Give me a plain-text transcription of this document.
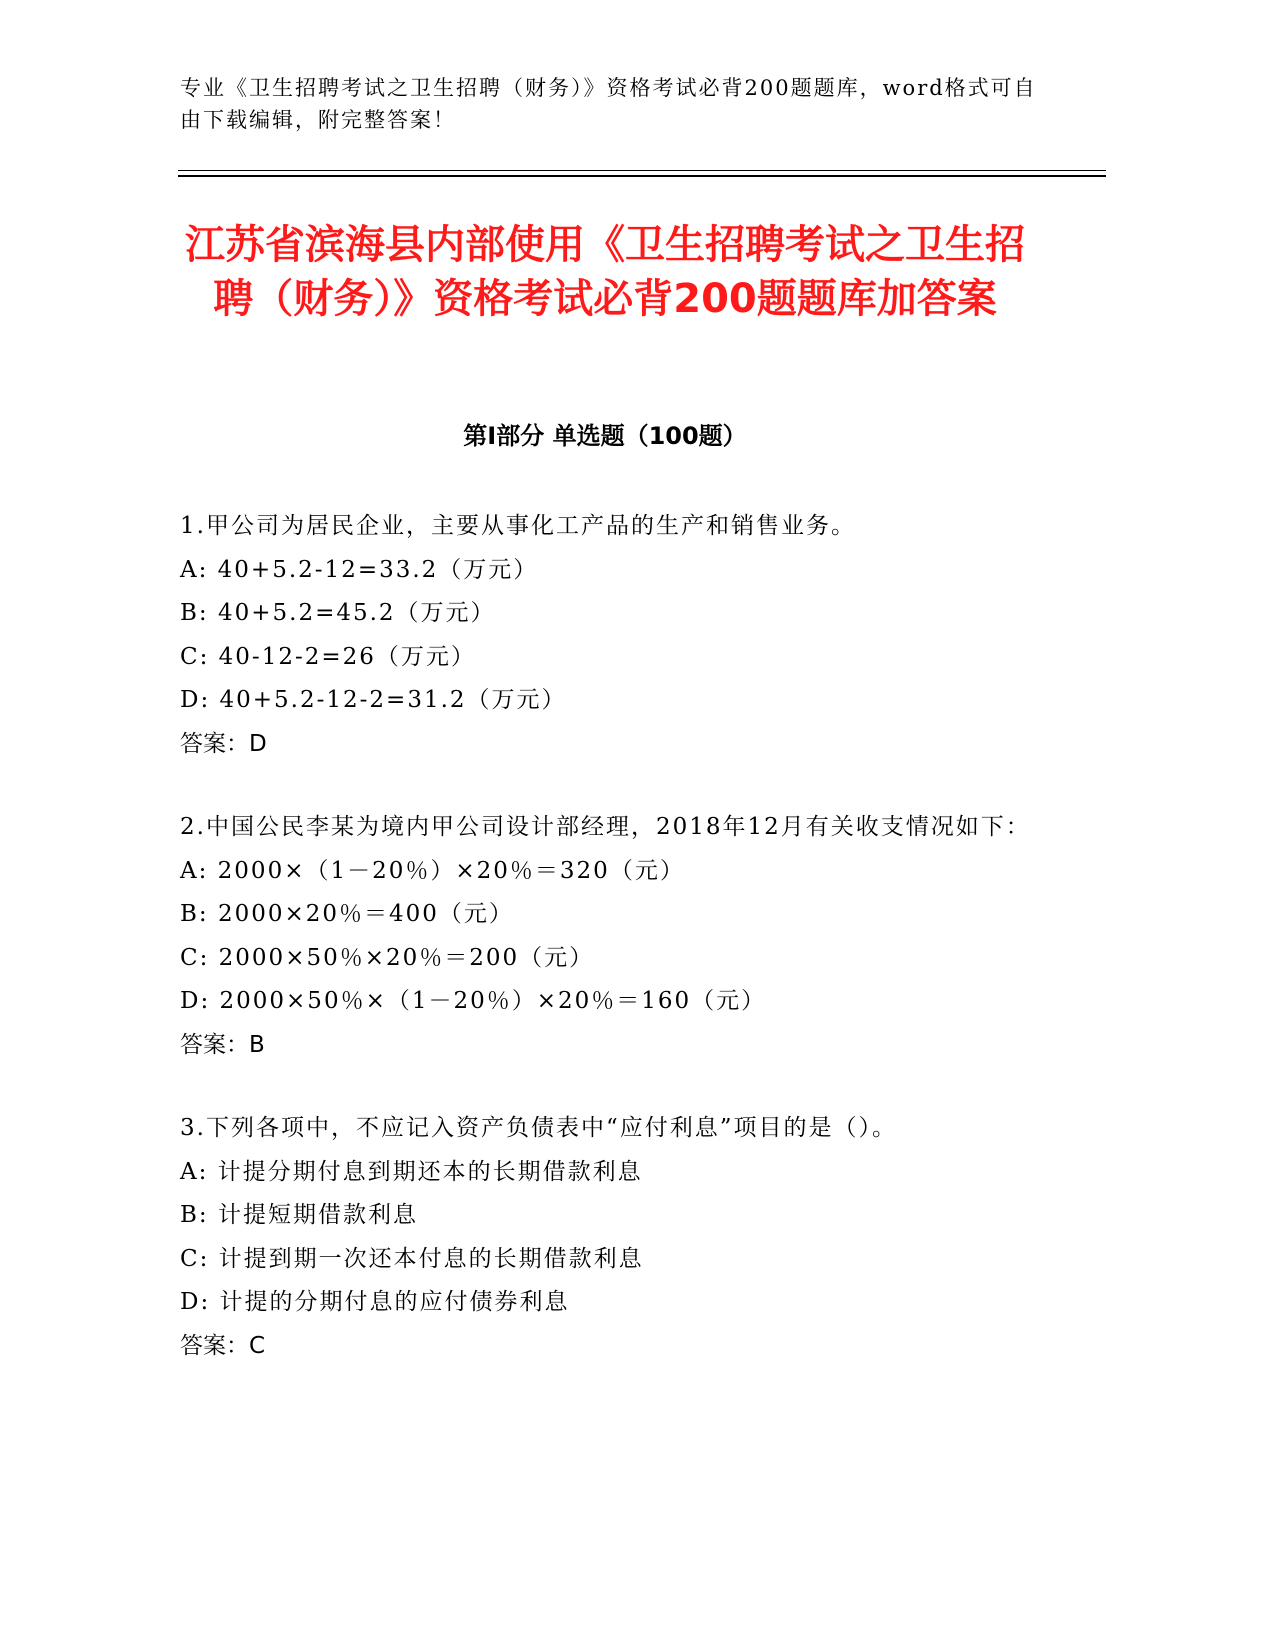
专业《卫生招聘考试之卫生招聘（财务）》资格考试必背200题题库，word格式可自由下载编辑，附完整答案！
江苏省滨海县内部使用《卫生招聘考试之卫生招聘（财务）》资格考试必背200题题库加答案
第I部分 单选题（100题）
1.甲公司为居民企业，主要从事化工产品的生产和销售业务。
A: 40+5.2-12=33.2（万元）
B: 40+5.2=45.2（万元）
C: 40-12-2=26（万元）
D: 40+5.2-12-2=31.2（万元）
答案：D
2.中国公民李某为境内甲公司设计部经理，2018年12月有关收支情况如下：
A: 2000×（1－20％）×20％＝320（元）
B: 2000×20％＝400（元）
C: 2000×50％×20％＝200（元）
D: 2000×50％×（1－20％）×20％＝160（元）
答案：B
3.下列各项中，不应记入资产负债表中“应付利息”项目的是（）。
A: 计提分期付息到期还本的长期借款利息
B: 计提短期借款利息
C: 计提到期一次还本付息的长期借款利息
D: 计提的分期付息的应付债券利息
答案：C
